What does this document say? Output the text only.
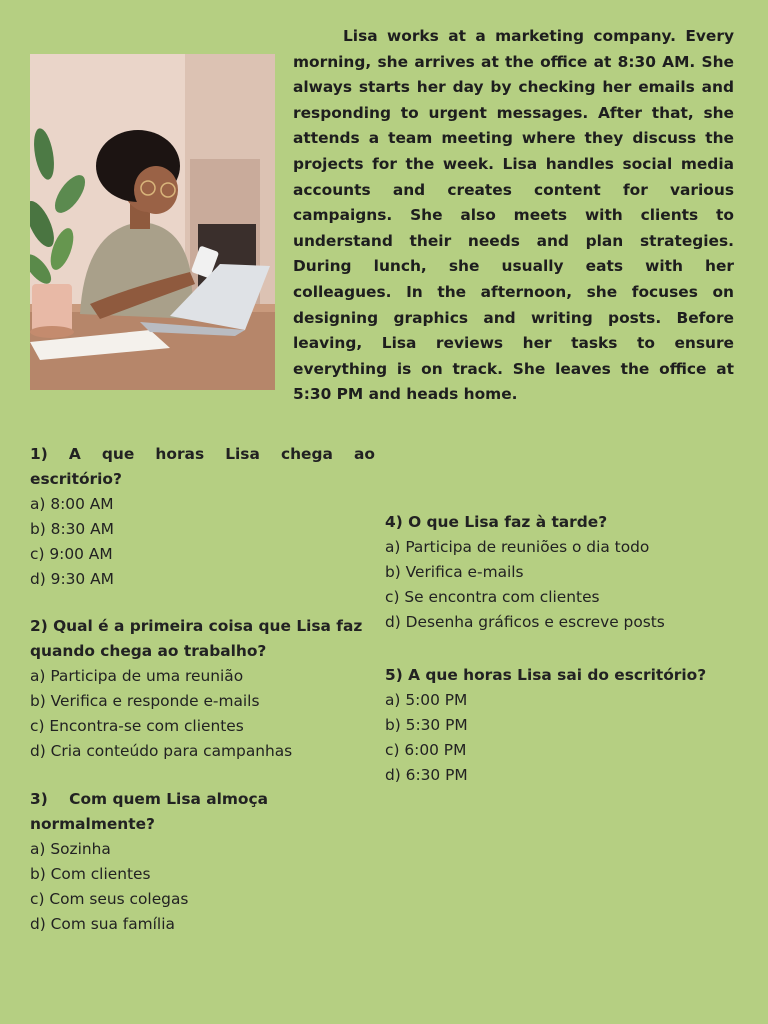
Lisa works at a marketing company. Every morning, she arrives at the office at 8:30 AM. She always starts her day by checking her emails and responding to urgent messages. After that, she attends a team meeting where they discuss the projects for the week. Lisa handles social media accounts and creates content for various campaigns. She also meets with clients to understand their needs and plan strategies. During lunch, she usually eats with her colleagues. In the afternoon, she focuses on designing graphics and writing posts. Before leaving, Lisa reviews her tasks to ensure everything is on track. She leaves the office at 5:30 PM and heads home.

1) A que horas Lisa chega ao escritório?
a) 8:00 AM
b) 8:30 AM
c) 9:00 AM
d) 9:30 AM
2) Qual é a primeira coisa que Lisa faz quando chega ao trabalho?
a) Participa de uma reunião
b) Verifica e responde e-mails
c) Encontra-se com clientes
d) Cria conteúdo para campanhas
3)    Com quem Lisa almoça normalmente?
a) Sozinha
b) Com clientes
c) Com seus colegas
d) Com sua família
4) O que Lisa faz à tarde?
a) Participa de reuniões o dia todo
b) Verifica e-mails
c) Se encontra com clientes
d) Desenha gráficos e escreve posts
5) A que horas Lisa sai do escritório?
a) 5:00 PM
b) 5:30 PM
c) 6:00 PM
d) 6:30 PM
